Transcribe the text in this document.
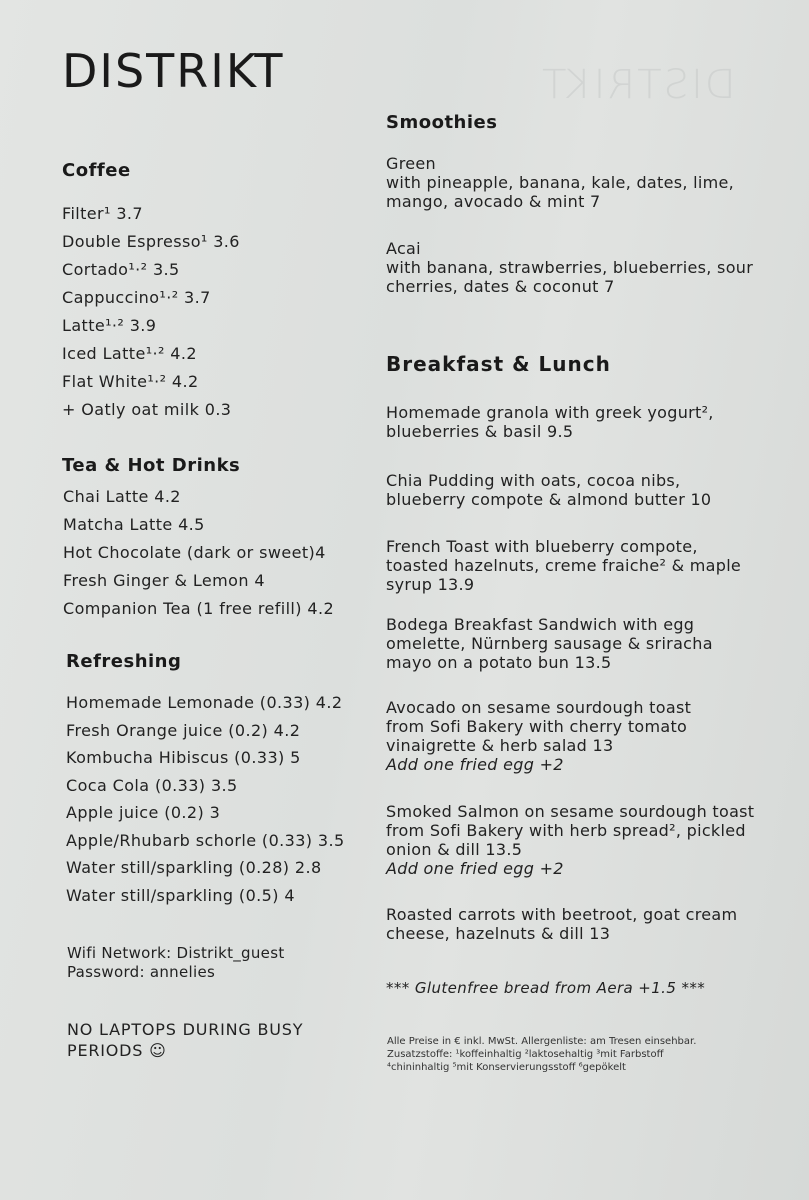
DISTRIKT
DISTRIKT
Coffee
Filter¹ 3.7
Double Espresso¹ 3.6
Cortado¹·² 3.5
Cappuccino¹·² 3.7
Latte¹·² 3.9
Iced Latte¹·² 4.2
Flat White¹·² 4.2
+ Oatly oat milk 0.3
Tea & Hot Drinks
Chai Latte 4.2
Matcha Latte 4.5
Hot Chocolate (dark or sweet)4
Fresh Ginger & Lemon 4
Companion Tea (1 free refill) 4.2
Refreshing
Homemade Lemonade (0.33) 4.2
Fresh Orange juice (0.2) 4.2
Kombucha Hibiscus (0.33) 5
Coca Cola (0.33) 3.5
Apple juice (0.2) 3
Apple/Rhubarb schorle (0.33) 3.5
Water still/sparkling (0.28) 2.8
Water still/sparkling (0.5) 4
Wifi Network: Distrikt_guest
Password: annelies
NO LAPTOPS DURING BUSY
PERIODS ☺
Smoothies
Green
with pineapple, banana, kale, dates, lime,
mango, avocado & mint 7
Acai
with banana, strawberries, blueberries, sour
cherries, dates & coconut 7
Breakfast & Lunch
Homemade granola with greek yogurt²,
blueberries & basil 9.5
Chia Pudding with oats, cocoa nibs,
blueberry compote & almond butter 10
French Toast with blueberry compote,
toasted hazelnuts, creme fraiche² & maple
syrup 13.9
Bodega Breakfast Sandwich with egg
omelette, Nürnberg sausage & sriracha
mayo on a potato bun 13.5
Avocado on sesame sourdough toast
from Sofi Bakery with cherry tomato
vinaigrette & herb salad 13
Add one fried egg +2
Smoked Salmon on sesame sourdough toast
from Sofi Bakery with herb spread², pickled
onion & dill 13.5
Add one fried egg +2
Roasted carrots with beetroot, goat cream
cheese, hazelnuts & dill 13
*** Glutenfree bread from Aera +1.5 ***
Alle Preise in € inkl. MwSt. Allergenliste: am Tresen einsehbar.
Zusatzstoffe: ¹koffeinhaltig ²laktosehaltig ³mit Farbstoff
⁴chininhaltig ⁵mit Konservierungsstoff ⁶gepökelt
